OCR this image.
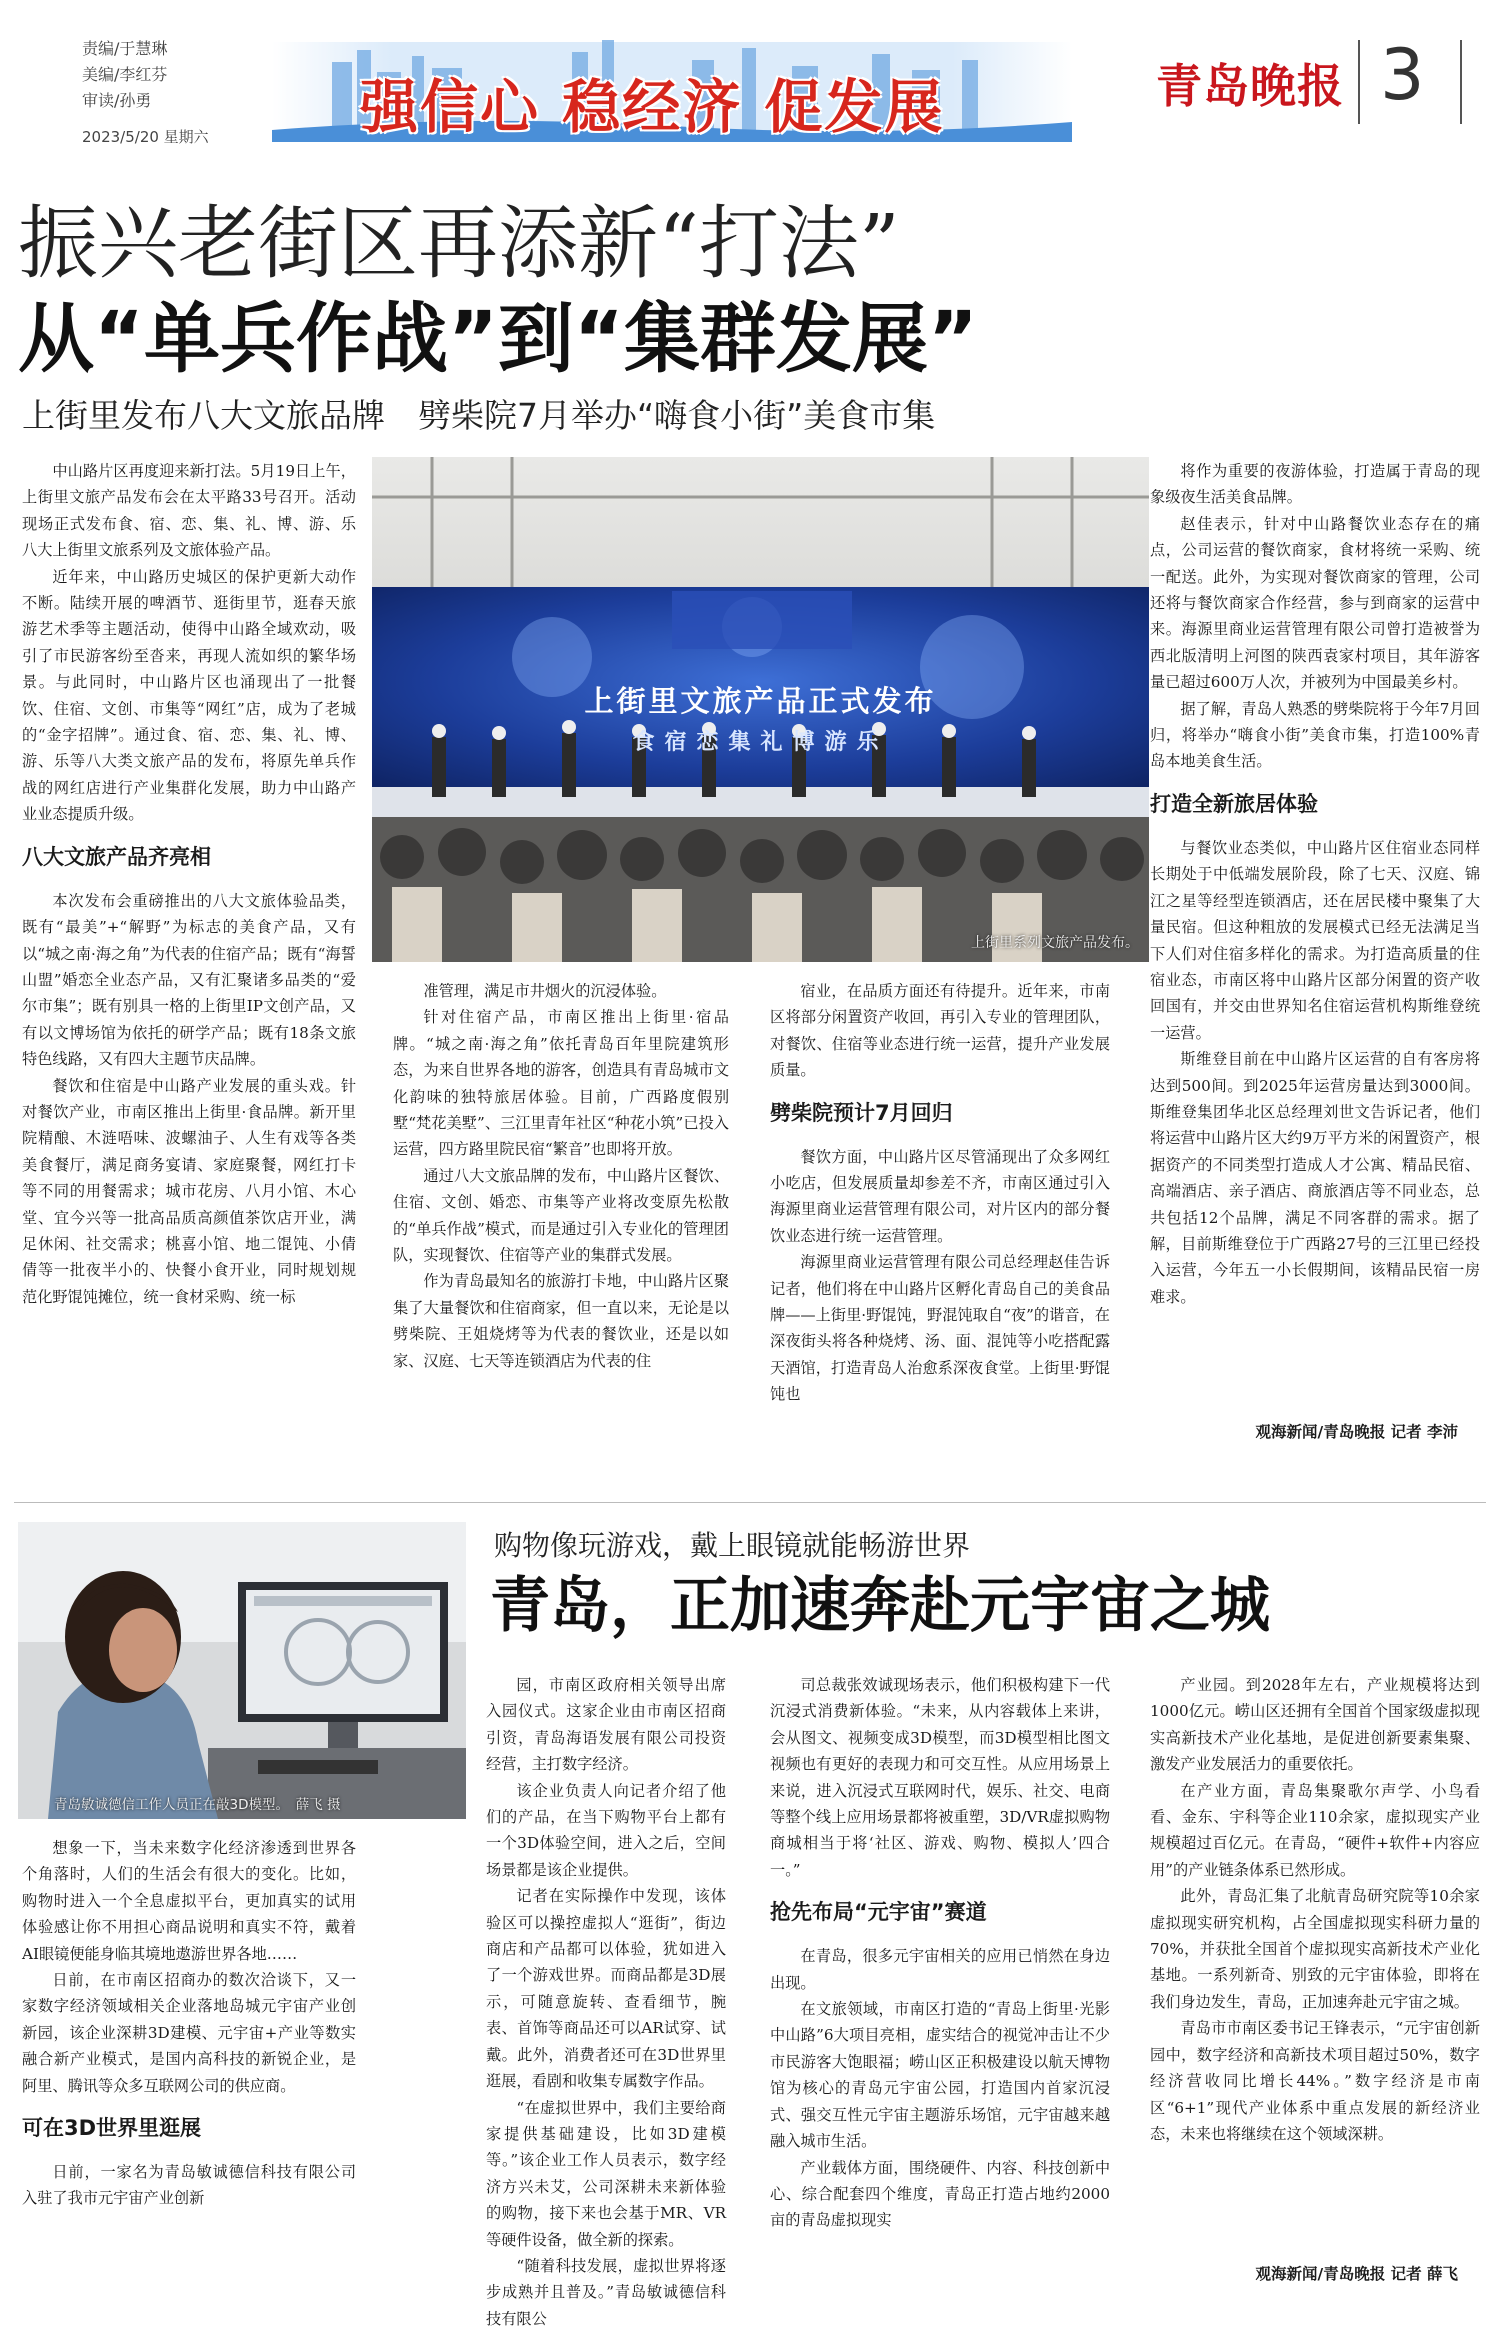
责编/于慧琳
美编/李红芬
审读/孙勇
2023/5/20 星期六	强信心 稳经济 促发展	青岛晚报 3
振兴老街区再添新“打法”
从“单兵作战”到“集群发展”
上街里发布八大文旅品牌　劈柴院7月举办“嗨食小街”美食市集
上街里文旅产品正式发布
食宿恋集礼博游乐
上街里系列文旅产品发布。

中山路片区再度迎来新打法。5月19日上午，上街里文旅产品发布会在太平路33号召开。活动现场正式发布食、宿、恋、集、礼、博、游、乐八大上街里文旅系列及文旅体验产品。

近年来，中山路历史城区的保护更新大动作不断。陆续开展的啤酒节、逛街里节，逛春天旅游艺术季等主题活动，使得中山路全域欢动，吸引了市民游客纷至沓来，再现人流如织的繁华场景。与此同时，中山路片区也涌现出了一批餐饮、住宿、文创、市集等“网红”店，成为了老城的“金字招牌”。通过食、宿、恋、集、礼、博、游、乐等八大类文旅产品的发布，将原先单兵作战的网红店进行产业集群化发展，助力中山路产业业态提质升级。

八大文旅产品齐亮相

本次发布会重磅推出的八大文旅体验品类，既有“最美”+“解野”为标志的美食产品，又有以“城之南·海之角”为代表的住宿产品；既有“海誓山盟”婚恋全业态产品，又有汇聚诸多品类的“爱尔市集”；既有别具一格的上街里IP文创产品，又有以文博场馆为依托的研学产品；既有18条文旅特色线路，又有四大主题节庆品牌。

餐饮和住宿是中山路产业发展的重头戏。针对餐饮产业，市南区推出上街里·食品牌。新开里院精酿、木涟唔味、波螺油子、人生有戏等各类美食餐厅，满足商务宴请、家庭聚餐，网红打卡等不同的用餐需求；城市花房、八月小馆、木心堂、宜今兴等一批高品质高颜值茶饮店开业，满足休闲、社交需求；桃喜小馆、地二馄饨、小倩倩等一批夜半小的、快餐小食开业，同时规划规范化野馄饨摊位，统一食材采购、统一标

准管理，满足市井烟火的沉浸体验。

针对住宿产品，市南区推出上街里·宿品牌。“城之南·海之角”依托青岛百年里院建筑形态，为来自世界各地的游客，创造具有青岛城市文化韵味的独特旅居体验。目前，广西路度假别墅“梵花美墅”、三江里青年社区“种花小筑”已投入运营，四方路里院民宿“繁音”也即将开放。

通过八大文旅品牌的发布，中山路片区餐饮、住宿、文创、婚恋、市集等产业将改变原先松散的“单兵作战”模式，而是通过引入专业化的管理团队，实现餐饮、住宿等产业的集群式发展。

作为青岛最知名的旅游打卡地，中山路片区聚集了大量餐饮和住宿商家，但一直以来，无论是以劈柴院、王姐烧烤等为代表的餐饮业，还是以如家、汉庭、七天等连锁酒店为代表的住

宿业，在品质方面还有待提升。近年来，市南区将部分闲置资产收回，再引入专业的管理团队，对餐饮、住宿等业态进行统一运营，提升产业发展质量。

劈柴院预计7月回归

餐饮方面，中山路片区尽管涌现出了众多网红小吃店，但发展质量却参差不齐，市南区通过引入海源里商业运营管理有限公司，对片区内的部分餐饮业态进行统一运营管理。

海源里商业运营管理有限公司总经理赵佳告诉记者，他们将在中山路片区孵化青岛自己的美食品牌——上街里·野馄饨，野混饨取自“夜”的谐音，在深夜街头将各种烧烤、汤、面、混饨等小吃搭配露天酒馆，打造青岛人治愈系深夜食堂。上街里·野馄饨也

将作为重要的夜游体验，打造属于青岛的现象级夜生活美食品牌。

赵佳表示，针对中山路餐饮业态存在的痛点，公司运营的餐饮商家，食材将统一采购、统一配送。此外，为实现对餐饮商家的管理，公司还将与餐饮商家合作经营，参与到商家的运营中来。海源里商业运营管理有限公司曾打造被誉为西北版清明上河图的陕西袁家村项目，其年游客量已超过600万人次，并被列为中国最美乡村。

据了解，青岛人熟悉的劈柴院将于今年7月回归，将举办“嗨食小街”美食市集，打造100%青岛本地美食生活。

打造全新旅居体验

与餐饮业态类似，中山路片区住宿业态同样长期处于中低端发展阶段，除了七天、汉庭、锦江之星等经型连锁酒店，还在居民楼中聚集了大量民宿。但这种粗放的发展模式已经无法满足当下人们对住宿多样化的需求。为打造高质量的住宿业态，市南区将中山路片区部分闲置的资产收回国有，并交由世界知名住宿运营机构斯维登统一运营。

斯维登目前在中山路片区运营的自有客房将达到500间。到2025年运营房量达到3000间。斯维登集团华北区总经理刘世文告诉记者，他们将运营中山路片区大约9万平方米的闲置资产，根据资产的不同类型打造成人才公寓、精品民宿、高端酒店、亲子酒店、商旅酒店等不同业态，总共包括12个品牌，满足不同客群的需求。据了解，目前斯维登位于广西路27号的三江里已经投入运营，今年五一小长假期间，该精品民宿一房难求。

观海新闻/青岛晚报 记者 李沛
青岛敏诚德信工作人员正在敲3D模型。　薛飞 摄
购物像玩游戏，戴上眼镜就能畅游世界
青岛，正加速奔赴元宇宙之城

想象一下，当未来数字化经济渗透到世界各个角落时，人们的生活会有很大的变化。比如，购物时进入一个全息虚拟平台，更加真实的试用体验感让你不用担心商品说明和真实不符，戴着AI眼镜便能身临其境地遨游世界各地……

日前，在市南区招商办的数次洽谈下，又一家数字经济领域相关企业落地岛城元宇宙产业创新园，该企业深耕3D建模、元宇宙+产业等数实融合新产业模式，是国内高科技的新锐企业，是阿里、腾讯等众多互联网公司的供应商。

可在3D世界里逛展

日前，一家名为青岛敏诚德信科技有限公司入驻了我市元宇宙产业创新

园，市南区政府相关领导出席入园仪式。这家企业由市南区招商引资，青岛海语发展有限公司投资经营，主打数字经济。

该企业负责人向记者介绍了他们的产品，在当下购物平台上都有一个3D体验空间，进入之后，空间场景都是该企业提供。

记者在实际操作中发现，该体验区可以操控虚拟人“逛街”，街边商店和产品都可以体验，犹如进入了一个游戏世界。而商品都是3D展示，可随意旋转、查看细节，腕表、首饰等商品还可以AR试穿、试戴。此外，消费者还可在3D世界里逛展，看剧和收集专属数字作品。

“在虚拟世界中，我们主要给商家提供基础建设，比如3D建模等。”该企业工作人员表示，数字经济方兴未艾，公司深耕未来新体验的购物，接下来也会基于MR、VR等硬件设备，做全新的探索。

“随着科技发展，虚拟世界将逐步成熟并且普及。”青岛敏诚德信科技有限公

司总裁张效诚现场表示，他们积极构建下一代沉浸式消费新体验。“未来，从内容载体上来讲，会从图文、视频变成3D模型，而3D模型相比图文视频也有更好的表现力和可交互性。从应用场景上来说，进入沉浸式互联网时代，娱乐、社交、电商等整个线上应用场景都将被重塑，3D/VR虚拟购物商城相当于将‘社区、游戏、购物、模拟人’四合一。”

抢先布局“元宇宙”赛道

在青岛，很多元宇宙相关的应用已悄然在身边出现。

在文旅领域，市南区打造的“青岛上街里·光影中山路”6大项目亮相，虚实结合的视觉冲击让不少市民游客大饱眼福；崂山区正积极建设以航天博物馆为核心的青岛元宇宙公园，打造国内首家沉浸式、强交互性元宇宙主题游乐场馆，元宇宙越来越融入城市生活。

产业载体方面，围绕硬件、内容、科技创新中心、综合配套四个维度，青岛正打造占地约2000亩的青岛虚拟现实

产业园。到2028年左右，产业规模将达到1000亿元。崂山区还拥有全国首个国家级虚拟现实高新技术产业化基地，是促进创新要素集聚、激发产业发展活力的重要依托。

在产业方面，青岛集聚歌尔声学、小鸟看看、金东、宇科等企业110余家，虚拟现实产业规模超过百亿元。在青岛，“硬件+软件+内容应用”的产业链条体系已然形成。

此外，青岛汇集了北航青岛研究院等10余家虚拟现实研究机构，占全国虚拟现实科研力量的70%，并获批全国首个虚拟现实高新技术产业化基地。一系列新奇、别致的元宇宙体验，即将在我们身边发生，青岛，正加速奔赴元宇宙之城。

青岛市市南区委书记王锋表示，“元宇宙创新园中，数字经济和高新技术项目超过50%，数字经济营收同比增长44%。”数字经济是市南区“6+1”现代产业体系中重点发展的新经济业态，未来也将继续在这个领域深耕。

观海新闻/青岛晚报 记者 薛飞
